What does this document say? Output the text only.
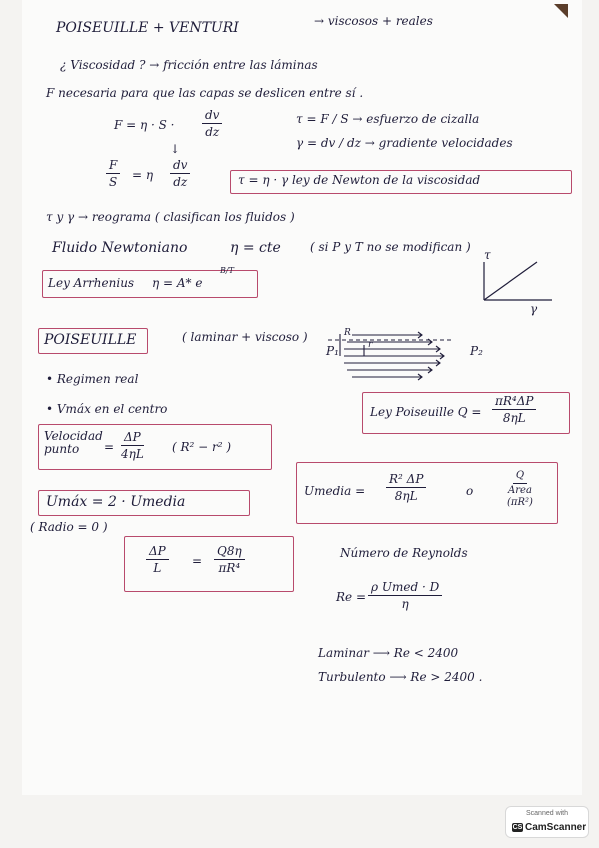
POISEUILLE + VENTURI	→ viscosos + reales
¿ Viscosidad ? → fricción entre las láminas
F necesaria para que las capas se deslicen entre sí .
$F = \eta \cdot S \cdot \frac{dv}{dz}$	τ = F / S → esfuerzo de cizalla
γ = dv / dz → gradiente velocidades
↓
$\frac{F}{S} = \eta \frac{dv}{dz}$	τ = η · γ ley de Newton de la viscosidad
τ y γ → reograma ( clasifican los fluidos )
Fluido Newtoniano	η = cte ( si P y T no se modifican )
Ley Arrhenius η = A* e
B/T
τ
γ
POISEUILLE	( laminar + viscoso )
P₁	P₂
R
r
• Regimen real
• Vmáx en el centro	Ley Poiseuille $Q = \frac{\text{πR⁴ΔP}}{8\eta L}$
Velocidad punto	= $\frac{\Delta P}{4\eta L}$ ( R² − r² )
Umáx = 2 · Umedia
( Radio = 0 )
Umedia = $\frac{\text{R² ΔP}}{8\eta L}$	o
Q
Area (πR²)
$\frac{\Delta P}{L} = \frac{Q8\eta}{\text{πR⁴}}$	Número de Reynolds
Re =
ρ Umed · D
η
Laminar ⟶ Re < 2400
Turbulento ⟶ Re > 2400 .
Scanned with
CS CamScanner
